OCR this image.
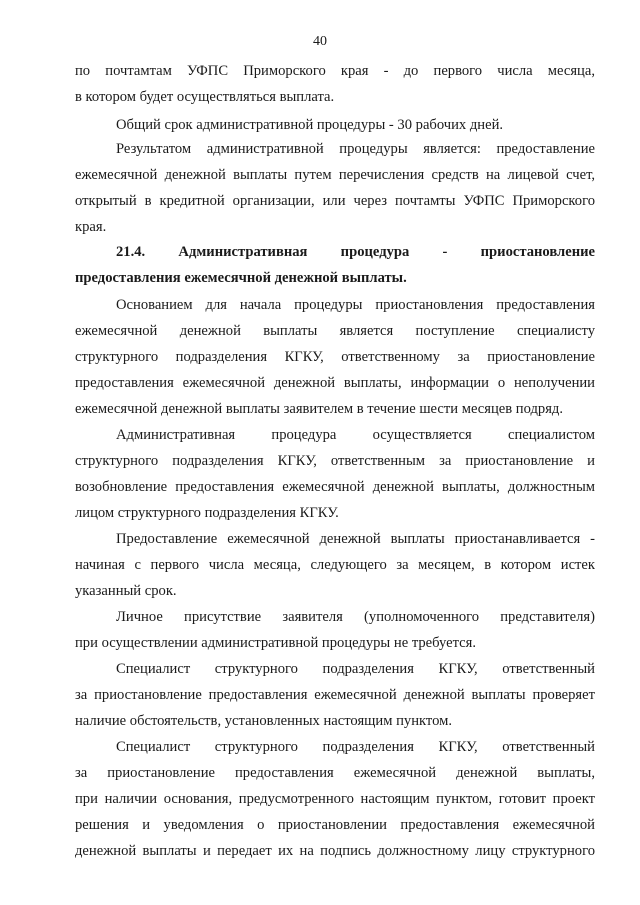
40
по почтамтам УФПС Приморского края - до первого числа месяца,
в котором будет осуществляться выплата.
Общий срок административной процедуры - 30 рабочих дней.
Результатом административной процедуры является: предоставление
ежемесячной денежной выплаты путем перечисления средств на лицевой счет,
открытый в кредитной организации, или через почтамты УФПС Приморского
края.
21.4. Административная процедура - приостановление
предоставления ежемесячной денежной выплаты.
Основанием для начала процедуры приостановления предоставления
ежемесячной денежной выплаты является поступление специалисту
структурного подразделения КГКУ, ответственному за приостановление
предоставления ежемесячной денежной выплаты, информации о неполучении
ежемесячной денежной выплаты заявителем в течение шести месяцев подряд.
Административная процедура осуществляется специалистом
структурного подразделения КГКУ, ответственным за приостановление и
возобновление предоставления ежемесячной денежной выплаты, должностным
лицом структурного подразделения КГКУ.
Предоставление ежемесячной денежной выплаты приостанавливается -
начиная с первого числа месяца, следующего за месяцем, в котором истек
указанный срок.
Личное присутствие заявителя (уполномоченного представителя)
при осуществлении административной процедуры не требуется.
Специалист структурного подразделения КГКУ, ответственный
за приостановление предоставления ежемесячной денежной выплаты проверяет
наличие обстоятельств, установленных настоящим пунктом.
Специалист структурного подразделения КГКУ, ответственный
за приостановление предоставления ежемесячной денежной выплаты,
при наличии основания, предусмотренного настоящим пунктом, готовит проект
решения и уведомления о приостановлении предоставления ежемесячной
денежной выплаты и передает их на подпись должностному лицу структурного
